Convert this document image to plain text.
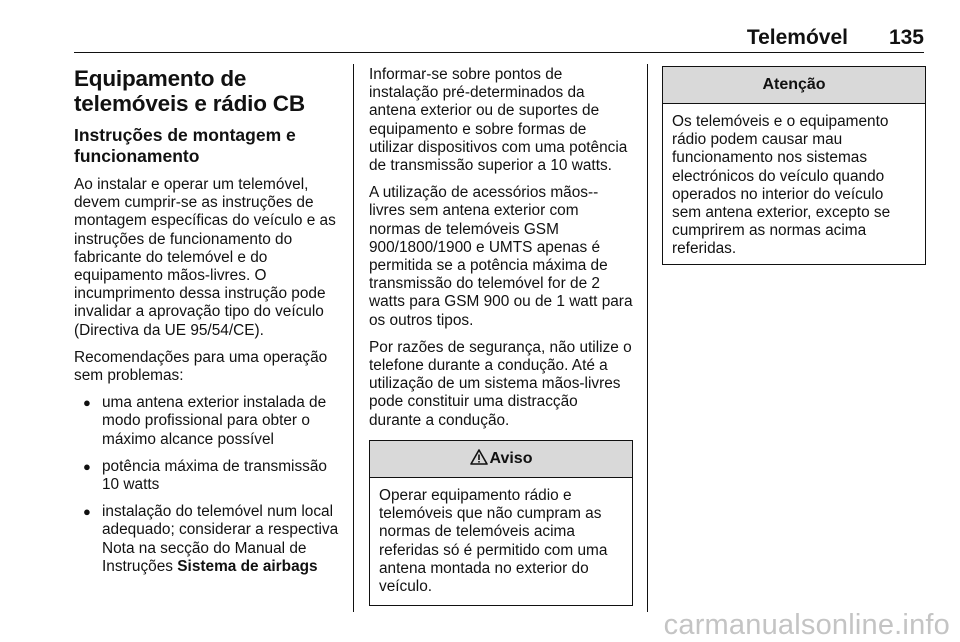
Telemóvel 135
Equipamento de telemóveis e rádio CB
Instruções de montagem e funcionamento

Ao instalar e operar um telemóvel, devem cumprir-se as instruções de montagem específicas do veículo e as instruções de funcionamento do fabricante do telemóvel e do equipamento mãos-livres. O incumprimento dessa instrução pode invalidar a aprovação tipo do veículo (Directiva da UE 95/54/CE).

Recomendações para uma operação sem problemas:

● uma antena exterior instalada de modo profissional para obter o máximo alcance possível
● potência máxima de transmissão 10 watts
● instalação do telemóvel num local adequado; considerar a respectiva Nota na secção do Manual de Instruções Sistema de airbags

Informar-se sobre pontos de instalação pré-determinados da antena exterior ou de suportes de equipamento e sobre formas de utilizar dispositivos com uma potência de transmissão superior a 10 watts.

A utilização de acessórios mãos--livres sem antena exterior com normas de telemóveis GSM 900/1800/1900 e UMTS apenas é permitida se a potência máxima de transmissão do telemóvel for de 2 watts para GSM 900 ou de 1 watt para os outros tipos.

Por razões de segurança, não utilize o telefone durante a condução. Até a utilização de um sistema mãos-livres pode constituir uma distracção durante a condução.

Aviso
Operar equipamento rádio e telemóveis que não cumpram as normas de telemóveis acima referidas só é permitido com uma antena montada no exterior do veículo.
Atenção
Os telemóveis e o equipamento rádio podem causar mau funcionamento nos sistemas electrónicos do veículo quando operados no interior do veículo sem antena exterior, excepto se cumprirem as normas acima referidas.
carmanualsonline.info
